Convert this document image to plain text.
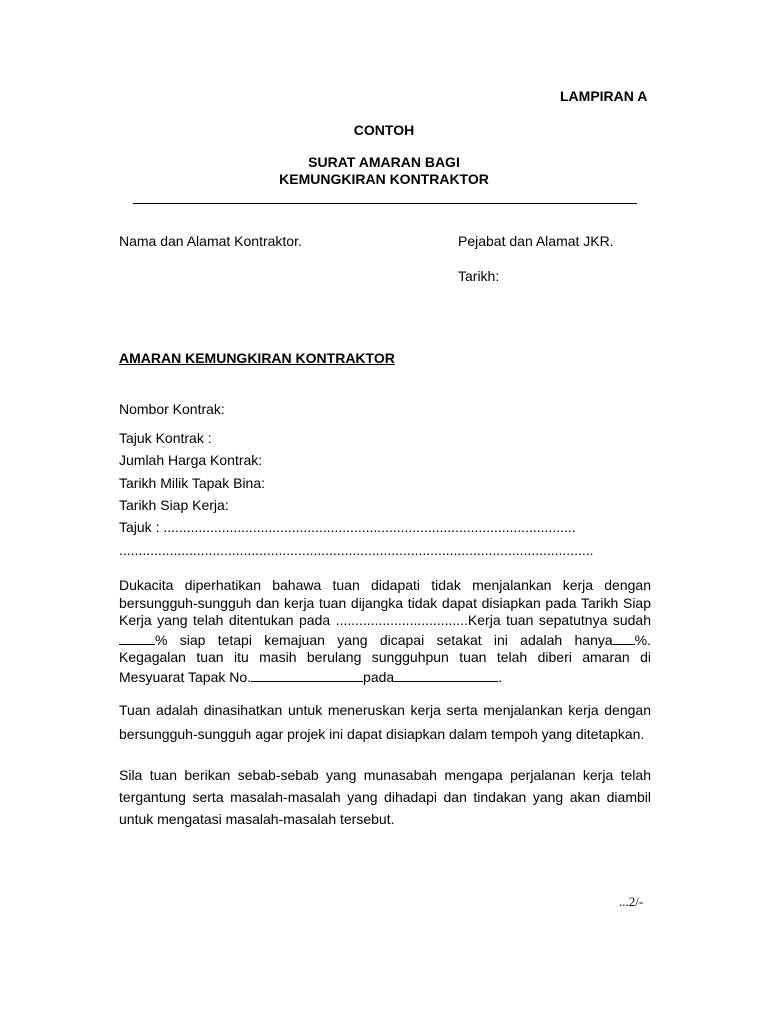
LAMPIRAN A
CONTOH
SURAT AMARAN BAGI
KEMUNGKIRAN KONTRAKTOR
Nama dan Alamat Kontraktor.	Pejabat dan Alamat JKR.
Tarikh:
AMARAN KEMUNGKIRAN KONTRAKTOR
Nombor Kontrak:
Tajuk Kontrak :
Jumlah Harga Kontrak:
Tarikh Milik Tapak Bina:
Tarikh Siap Kerja:
Tajuk : ..........................................................................................................
..........................................................................................................................
Dukacita diperhatikan bahawa tuan didapati tidak menjalankan kerja dengan
bersungguh-sungguh dan kerja tuan dijangka tidak dapat disiapkan pada Tarikh Siap
Kerja yang telah ditentukan pada ..................................Kerja tuan sepatutnya sudah
% siap tetapi kemajuan yang dicapai setakat ini adalah hanya %.
Kegagalan tuan itu masih berulang sungguhpun tuan telah diberi amaran di
Mesyuarat Tapak No.	pada	.
Tuan adalah dinasihatkan untuk meneruskan kerja serta menjalankan kerja dengan
bersungguh-sungguh agar projek ini dapat disiapkan dalam tempoh yang ditetapkan.
Sila tuan berikan sebab-sebab yang munasabah mengapa perjalanan kerja telah
tergantung serta masalah-masalah yang dihadapi dan tindakan yang akan diambil
untuk mengatasi masalah-masalah tersebut.
...2/-
